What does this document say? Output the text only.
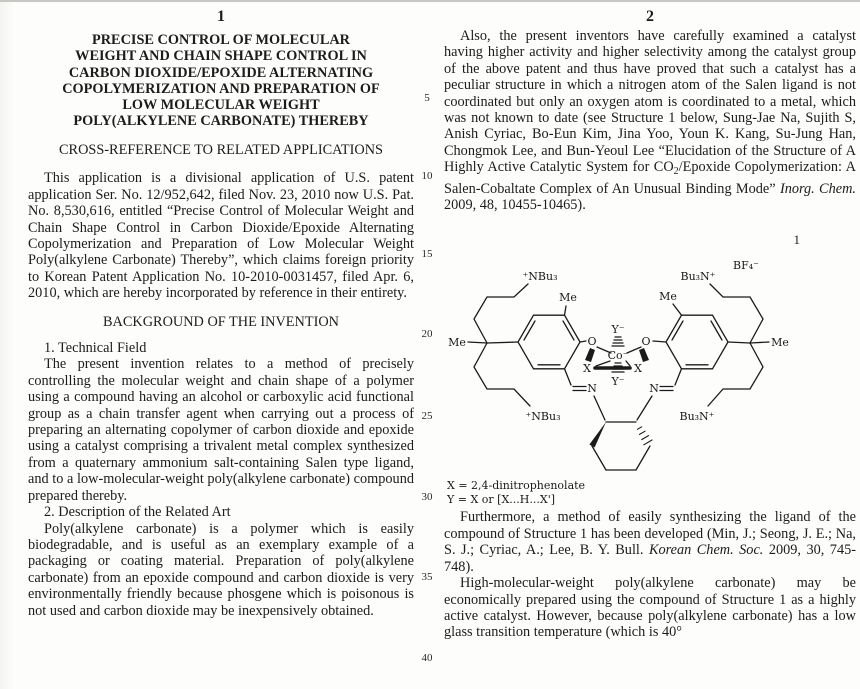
1
PRECISE CONTROL OF MOLECULAR WEIGHT AND CHAIN SHAPE CONTROL IN CARBON DIOXIDE/EPOXIDE ALTERNATING COPOLYMERIZATION AND PREPARATION OF LOW MOLECULAR WEIGHT POLY(ALKYLENE CARBONATE) THEREBY
CROSS-REFERENCE TO RELATED APPLICATIONS

This application is a divisional application of U.S. patent application Ser. No. 12/952,642, filed Nov. 23, 2010 now U.S. Pat. No. 8,530,616, entitled “Precise Control of Molecular Weight and Chain Shape Control in Carbon Dioxide/Epoxide Alternating Copolymerization and Preparation of Low Molecular Weight Poly(alkylene Carbonate) Thereby”, which claims foreign priority to Korean Patent Application No. 10-2010-0031457, filed Apr. 6, 2010, which are hereby incorporated by reference in their entirety.

BACKGROUND OF THE INVENTION

1. Technical Field

The present invention relates to a method of precisely controlling the molecular weight and chain shape of a polymer using a compound having an alcohol or carboxylic acid functional group as a chain transfer agent when carrying out a process of preparing an alternating copolymer of carbon dioxide and epoxide using a catalyst comprising a trivalent metal complex synthesized from a quaternary ammonium salt-containing Salen type ligand, and to a low-molecular-weight poly(alkylene carbonate) compound prepared thereby.

2. Description of the Related Art

Poly(alkylene carbonate) is a polymer which is easily biodegradable, and is useful as an exemplary example of a packaging or coating material. Preparation of poly(alkylene carbonate) from an epoxide compound and carbon dioxide is very environmentally friendly because phosgene which is poisonous is not used and carbon dioxide may be inexpensively obtained.

5
10
15
20
25
30
35
40
2

Also, the present inventors have carefully examined a catalyst having higher activity and higher selectivity among the catalyst group of the above patent and thus have proved that such a catalyst has a peculiar structure in which a nitrogen atom of the Salen ligand is not coordinated but only an oxygen atom is coordinated to a metal, which was not known to date (see Structure 1 below, Sung-Jae Na, Sujith S, Anish Cyriac, Bo-Eun Kim, Jina Yoo, Youn K. Kang, Su-Jung Han, Chongmok Lee, and Bun-Yeoul Lee “Elucidation of the Structure of A Highly Active Catalytic System for $CO_2$/Epoxide Copolymerization: A Salen-Cobaltate Complex of An Unusual Binding Mode” Inorg. Chem. 2009, 48, 10455-10465).

1
⁺NBu₃
⁺NBu₃
Bu₃N⁺
Bu₃N⁺
BF₄⁻
Me	Me
Me	Me
O	O
Co⁻
Y⁻
Y⁻
X	X
N	N
X = 2,4-dinitrophenolate
Y = X or [X...H...X']

Furthermore, a method of easily synthesizing the ligand of the compound of Structure 1 has been developed (Min, J.; Seong, J. E.; Na, S. J.; Cyriac, A.; Lee, B. Y. Bull. Korean Chem. Soc. 2009, 30, 745-748).

High-molecular-weight poly(alkylene carbonate) may be economically prepared using the compound of Structure 1 as a highly active catalyst. However, because poly(alkylene carbonate) has a low glass transition temperature (which is 40°
